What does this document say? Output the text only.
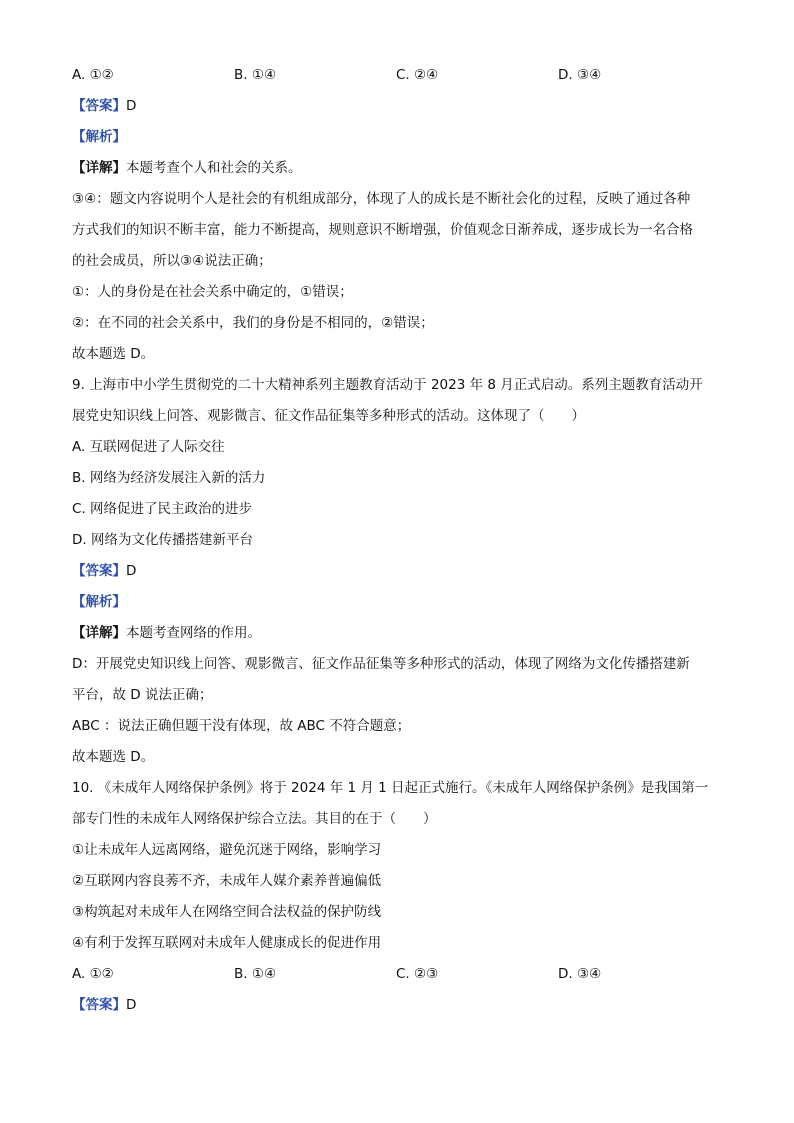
A. ①②	B. ①④	C. ②④	D. ③④
【答案】D
【解析】
【详解】本题考查个人和社会的关系。
③④：题文内容说明个人是社会的有机组成部分，体现了人的成长是不断社会化的过程，反映了通过各种
方式我们的知识不断丰富，能力不断提高，规则意识不断增强，价值观念日渐养成，逐步成长为一名合格
的社会成员，所以③④说法正确；
①：人的身份是在社会关系中确定的，①错误；
②：在不同的社会关系中，我们的身份是不相同的，②错误；
故本题选 D。
9. 上海市中小学生贯彻党的二十大精神系列主题教育活动于 2023 年 8 月正式启动。系列主题教育活动开
展党史知识线上问答、观影微言、征文作品征集等多种形式的活动。这体现了（　　）
A. 互联网促进了人际交往
B. 网络为经济发展注入新的活力
C. 网络促进了民主政治的进步
D. 网络为文化传播搭建新平台
【答案】D
【解析】
【详解】本题考查网络的作用。
D：开展党史知识线上问答、观影微言、征文作品征集等多种形式的活动，体现了网络为文化传播搭建新
平台，故 D 说法正确；
ABC ：说法正确但题干没有体现，故 ABC 不符合题意；
故本题选 D。
10. 《未成年人网络保护条例》将于 2024 年 1 月 1 日起正式施行。《未成年人网络保护条例》是我国第一
部专门性的未成年人网络保护综合立法。其目的在于（　　）
①让未成年人远离网络，避免沉迷于网络，影响学习
②互联网内容良莠不齐，未成年人媒介素养普遍偏低
③构筑起对未成年人在网络空间合法权益的保护防线
④有利于发挥互联网对未成年人健康成长的促进作用
A. ①②	B. ①④	C. ②③	D. ③④
【答案】D
